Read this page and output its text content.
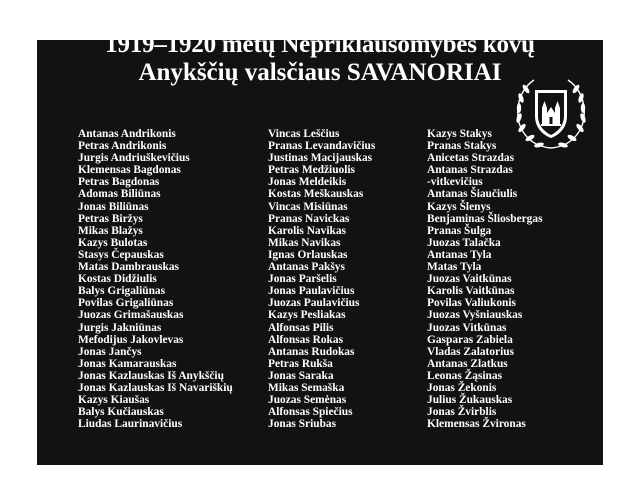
1919–1920 metų Nepriklausomybės kovų
Anykščių valsčiaus SAVANORIAI
Antanas Andrikonis
Petras Andrikonis
Jurgis Andriuškevičius
Klemensas Bagdonas
Petras Bagdonas
Adomas Biliūnas
Jonas Biliūnas
Petras Biržys
Mikas Blažys
Kazys Bulotas
Stasys Čepauskas
Matas Dambrauskas
Kostas Didžiulis
Balys Grigaliūnas
Povilas Grigaliūnas
Juozas Grimašauskas
Jurgis Jakniūnas
Mefodijus Jakovlevas
Jonas Jančys
Jonas Kamarauskas
Jonas Kazlauskas Iš Anykščių
Jonas Kazlauskas Iš Navariškių
Kazys Kiaušas
Balys Kučiauskas
Liudas Laurinavičius
Vincas Leščius
Pranas Levandavičius
Justinas Macijauskas
Petras Medžiuolis
Jonas Meldeikis
Kostas Meškauskas
Vincas Misiūnas
Pranas Navickas
Karolis Navikas
Mikas Navikas
Ignas Orlauskas
Antanas Pakšys
Jonas Paršelis
Jonas Paulavičius
Juozas Paulavičius
Kazys Pesliakas
Alfonsas Pilis
Alfonsas Rokas
Antanas Rudokas
Petras Rukša
Jonas Saraka
Mikas Semaška
Juozas Semėnas
Alfonsas Spiečius
Jonas Sriubas
Kazys Stakys
Pranas Stakys
Anicetas Strazdas
Antanas Strazdas
-vitkevičius
Antanas Šiaučiulis
Kazys Šlenys
Benjaminas Šliosbergas
Pranas Šulga
Juozas Talačka
Antanas Tyla
Matas Tyla
Juozas Vaitkūnas
Karolis Vaitkūnas
Povilas Valiukonis
Juozas Vyšniauskas
Juozas Vitkūnas
Gasparas Zabiela
Vladas Zalatorius
Antanas Zlatkus
Leonas Žąsinas
Jonas Žekonis
Julius Žukauskas
Jonas Žvirblis
Klemensas Žvironas
